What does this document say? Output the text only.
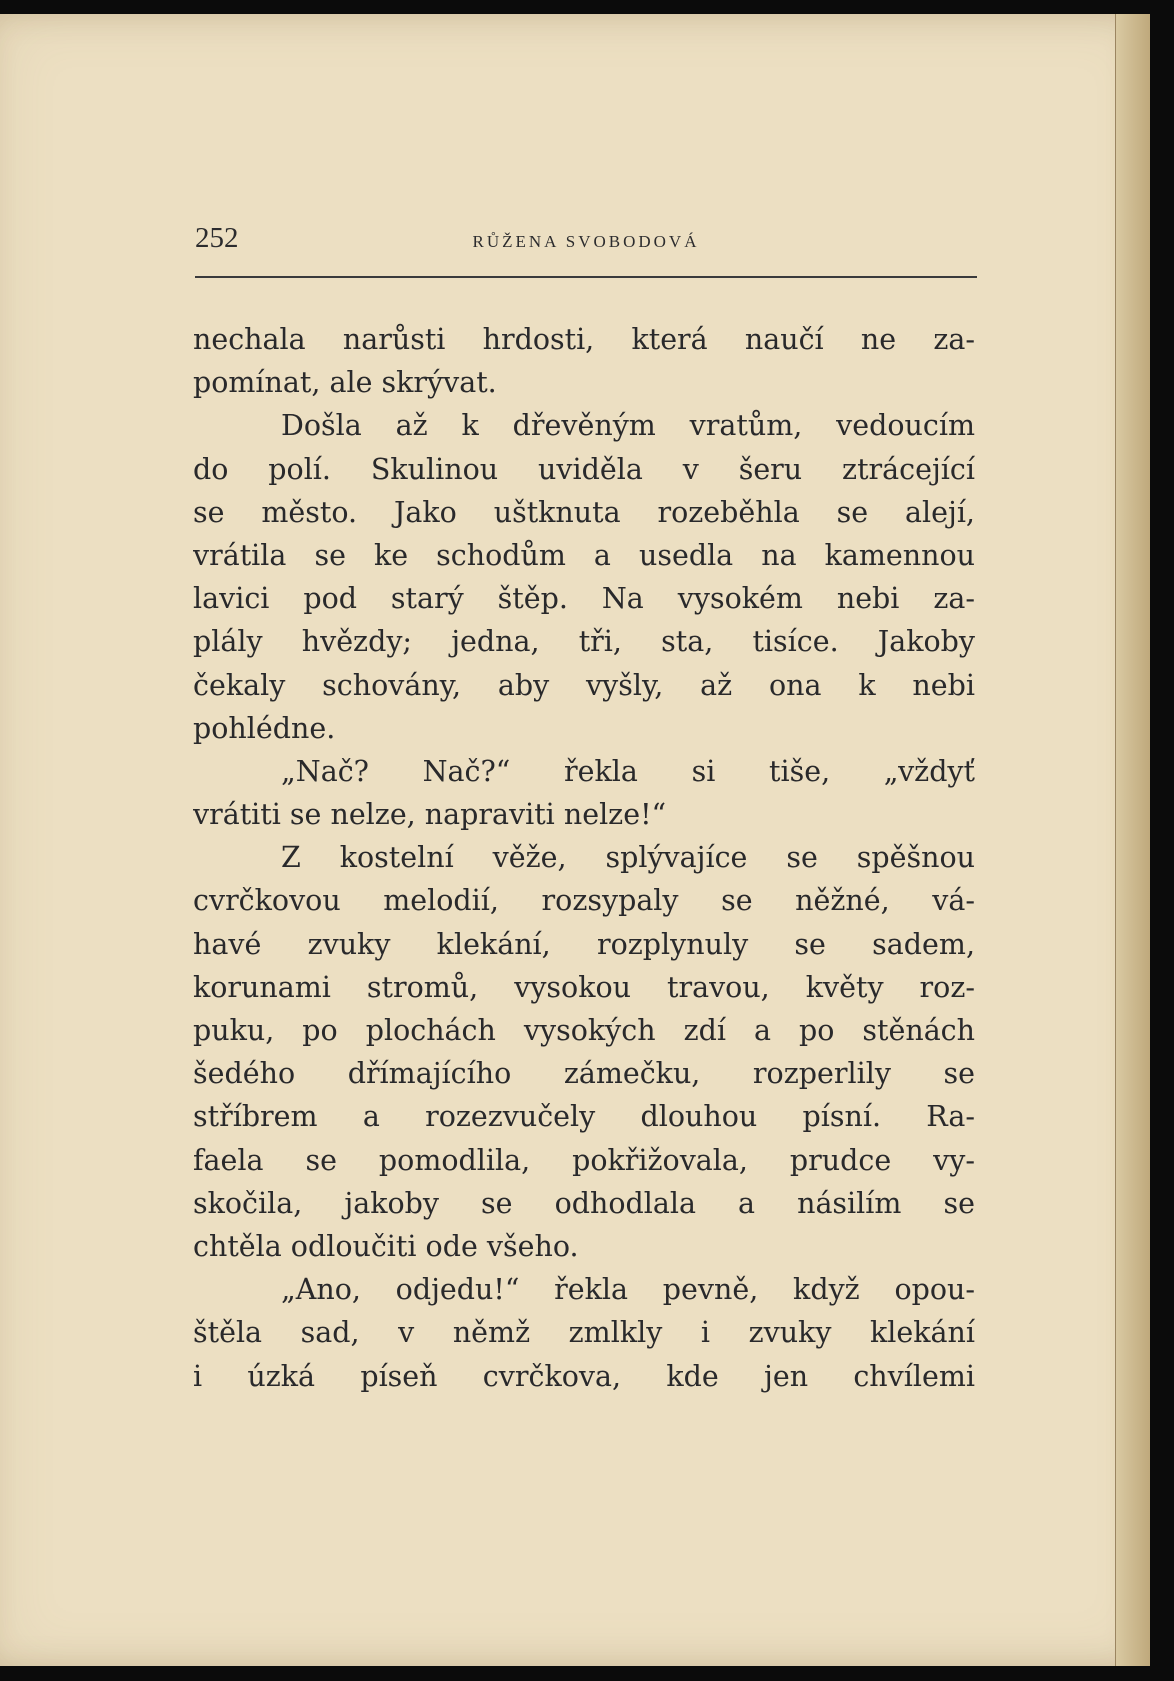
252	RŮŽENA SVOBODOVÁ
nechala narůsti hrdosti, která naučí ne za-
pomínat, ale skrývat.
Došla až k dřevěným vratům, vedoucím
do polí. Skulinou uviděla v šeru ztrácející
se město. Jako uštknuta rozeběhla se alejí,
vrátila se ke schodům a usedla na kamennou
lavici pod starý štěp. Na vysokém nebi za-
plály hvězdy; jedna, tři, sta, tisíce. Jakoby
čekaly schovány, aby vyšly, až ona k nebi
pohlédne.
„Nač? Nač?“ řekla si tiše, „vždyť
vrátiti se nelze, napraviti nelze!“
Z kostelní věže, splývajíce se spěšnou
cvrčkovou melodií, rozsypaly se něžné, vá-
havé zvuky klekání, rozplynuly se sadem,
korunami stromů, vysokou travou, květy roz-
puku, po plochách vysokých zdí a po stěnách
šedého dřímajícího zámečku, rozperlily se
stříbrem a rozezvučely dlouhou písní. Ra-
faela se pomodlila, pokřižovala, prudce vy-
skočila, jakoby se odhodlala a násilím se
chtěla odloučiti ode všeho.
„Ano, odjedu!“ řekla pevně, když opou-
štěla sad, v němž zmlkly i zvuky klekání
i úzká píseň cvrčkova, kde jen chvílemi
